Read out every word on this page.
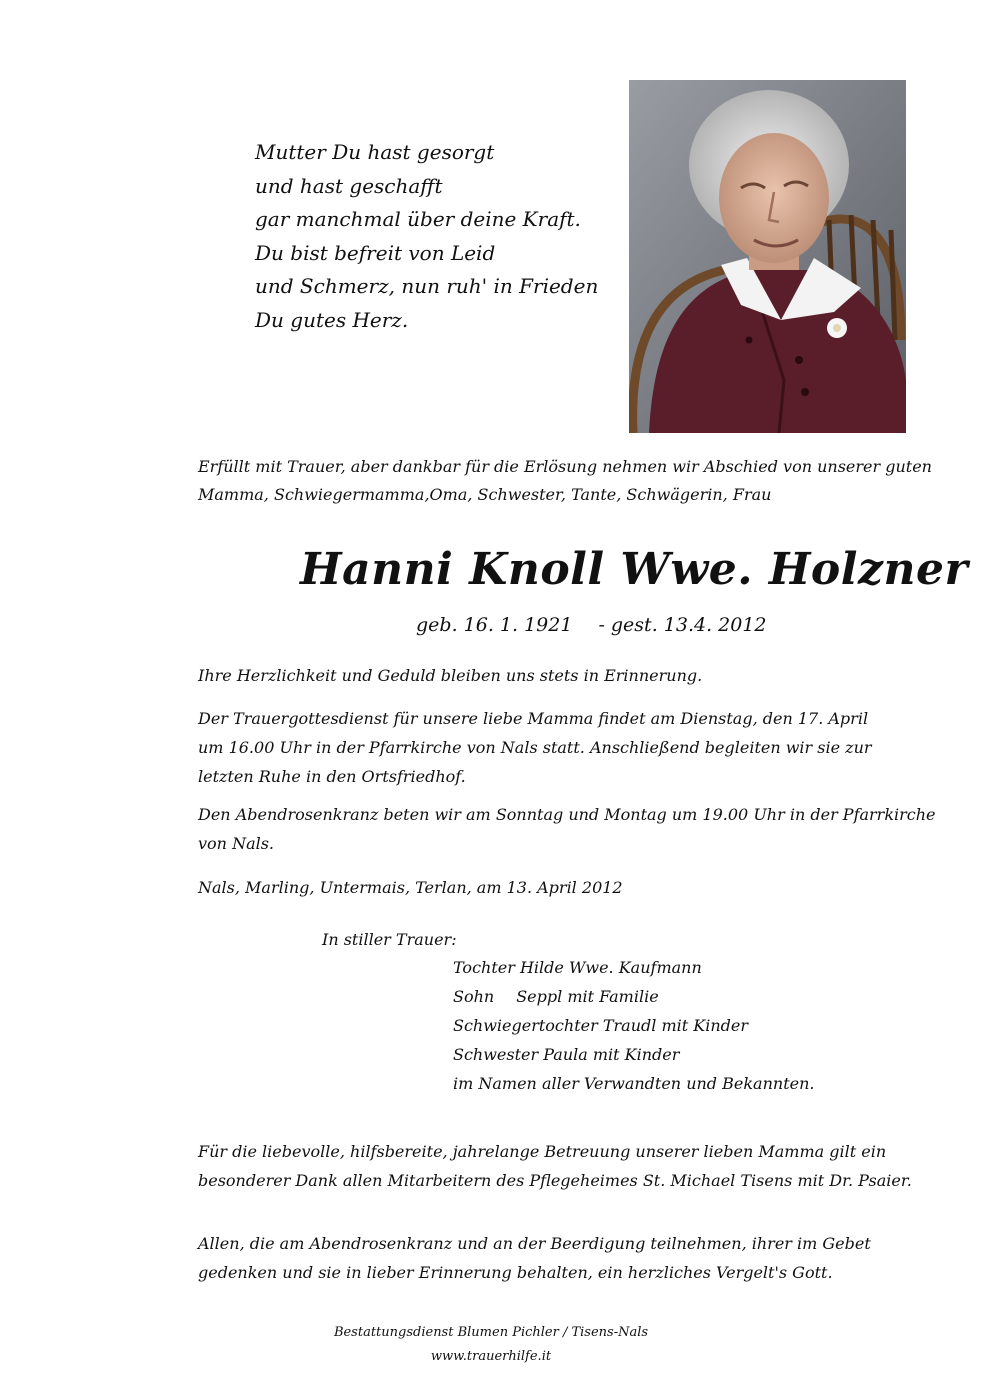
Mutter Du hast gesorgt
und hast geschafft
gar manchmal über deine Kraft.
Du bist befreit von Leid
und Schmerz, nun ruh' in Frieden
Du gutes Herz.
Erfüllt mit Trauer, aber dankbar für die Erlösung nehmen wir Abschied von unserer guten
Mamma, Schwiegermamma,Oma, Schwester, Tante, Schwägerin, Frau
Hanni Knoll Wwe. Holzner
geb. 16. 1. 1921 - gest. 13.4. 2012
Ihre Herzlichkeit und Geduld bleiben uns stets in Erinnerung.
Der Trauergottesdienst für unsere liebe Mamma findet am Dienstag, den 17. April
um 16.00 Uhr in der Pfarrkirche von Nals statt. Anschließend begleiten wir sie zur
letzten Ruhe in den Ortsfriedhof.
Den Abendrosenkranz beten wir am Sonntag und Montag um 19.00 Uhr in der Pfarrkirche
von Nals.
Nals, Marling, Untermais, Terlan, am 13. April 2012
In stiller Trauer:
Tochter Hilde Wwe. Kaufmann
Sohn Seppl mit Familie
Schwiegertochter Traudl mit Kinder
Schwester Paula mit Kinder
im Namen aller Verwandten und Bekannten.
Für die liebevolle, hilfsbereite, jahrelange Betreuung unserer lieben Mamma gilt ein
besonderer Dank allen Mitarbeitern des Pflegeheimes St. Michael Tisens mit Dr. Psaier.
Allen, die am Abendrosenkranz und an der Beerdigung teilnehmen, ihrer im Gebet
gedenken und sie in lieber Erinnerung behalten, ein herzliches Vergelt's Gott.
Bestattungsdienst Blumen Pichler / Tisens-Nals
www.trauerhilfe.it
